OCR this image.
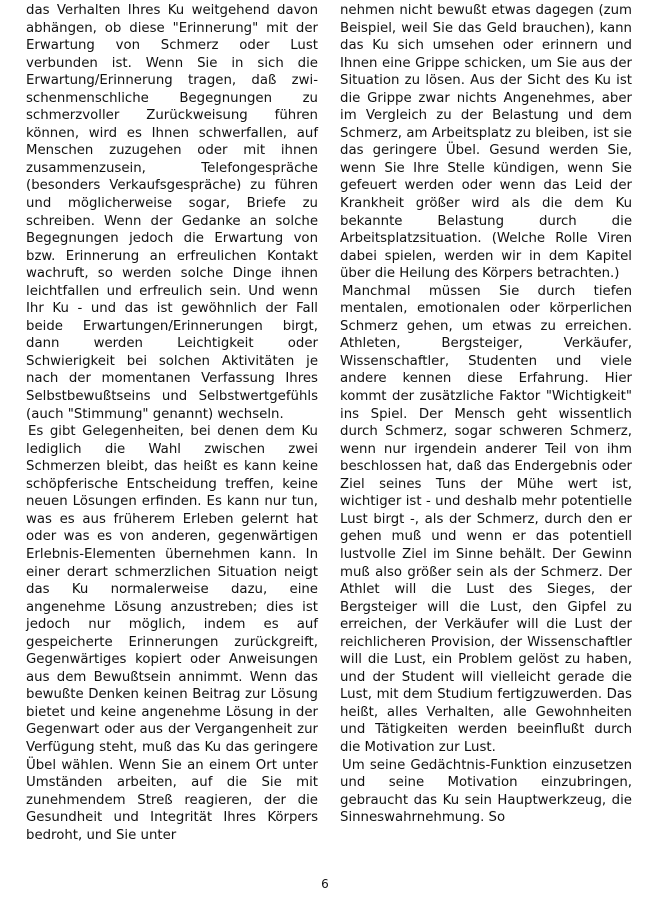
das Verhalten Ihres Ku weitgehend davon abhängen, ob diese "Erinnerung" mit der Erwartung von Schmerz oder Lust verbunden ist. Wenn Sie in sich die Erwartung/Erinnerung tragen, daß zwischenmenschliche Begegnungen zu schmerzvoller Zurückweisung führen können, wird es Ihnen schwerfallen, auf Menschen zuzugehen oder mit ihnen zusammenzusein, Telefongespräche (besonders Verkaufsgespräche) zu führen und möglicherweise sogar, Briefe zu schreiben. Wenn der Gedanke an solche Begegnungen jedoch die Erwartung von bzw. Erinnerung an erfreulichen Kontakt wachruft, so werden solche Dinge ihnen leichtfallen und erfreulich sein. Und wenn Ihr Ku - und das ist gewöhnlich der Fall beide Erwartungen/Erinnerungen birgt, dann werden Leichtigkeit oder Schwierigkeit bei solchen Aktivitäten je nach der momentanen Verfassung Ihres Selbstbewußtseins und Selbstwertgefühls (auch "Stimmung" genannt) wechseln.

Es gibt Gelegenheiten, bei denen dem Ku lediglich die Wahl zwischen zwei Schmerzen bleibt, das heißt es kann keine schöpferische Entscheidung treffen, keine neuen Lösungen erfinden. Es kann nur tun, was es aus früherem Erleben gelernt hat oder was es von anderen, gegenwärtigen Erlebnis-Elementen übernehmen kann. In einer derart schmerzlichen Situation neigt das Ku normalerweise dazu, eine angenehme Lösung anzustreben; dies ist jedoch nur möglich, indem es auf gespeicherte Erinnerungen zurückgreift, Gegenwärtiges kopiert oder Anweisungen aus dem Bewußtsein annimmt. Wenn das bewußte Denken keinen Beitrag zur Lösung bietet und keine angenehme Lösung in der Gegenwart oder aus der Vergangenheit zur Verfügung steht, muß das Ku das geringere Übel wählen. Wenn Sie an einem Ort unter Umständen arbeiten, auf die Sie mit zunehmendem Streß reagieren, der die Gesundheit und Integrität Ihres Körpers bedroht, und Sie unter

nehmen nicht bewußt etwas dagegen (zum Beispiel, weil Sie das Geld brauchen), kann das Ku sich umsehen oder erinnern und Ihnen eine Grippe schicken, um Sie aus der Situation zu lösen. Aus der Sicht des Ku ist die Grippe zwar nichts Angenehmes, aber im Vergleich zu der Belastung und dem Schmerz, am Arbeitsplatz zu bleiben, ist sie das geringere Übel. Gesund werden Sie, wenn Sie Ihre Stelle kündigen, wenn Sie gefeuert werden oder wenn das Leid der Krankheit größer wird als die dem Ku bekannte Belastung durch die Arbeitsplatzsituation. (Welche Rolle Viren dabei spielen, werden wir in dem Kapitel über die Heilung des Körpers betrachten.)

Manchmal müssen Sie durch tiefen mentalen, emotionalen oder körperlichen Schmerz gehen, um etwas zu erreichen. Athleten, Bergsteiger, Verkäufer, Wissenschaftler, Studenten und viele andere kennen diese Erfahrung. Hier kommt der zusätzliche Faktor "Wichtigkeit" ins Spiel. Der Mensch geht wissentlich durch Schmerz, sogar schweren Schmerz, wenn nur irgendein anderer Teil von ihm beschlossen hat, daß das Endergebnis oder Ziel seines Tuns der Mühe wert ist, wichtiger ist - und deshalb mehr potentielle Lust birgt -, als der Schmerz, durch den er gehen muß und wenn er das potentiell lustvolle Ziel im Sinne behält. Der Gewinn muß also größer sein als der Schmerz. Der Athlet will die Lust des Sieges, der Bergsteiger will die Lust, den Gipfel zu erreichen, der Verkäufer will die Lust der reichlicheren Provision, der Wissenschaftler will die Lust, ein Problem gelöst zu haben, und der Student will vielleicht gerade die Lust, mit dem Studium fertigzuwerden. Das heißt, alles Verhalten, alle Gewohnheiten und Tätigkeiten werden beeinflußt durch die Motivation zur Lust.

Um seine Gedächtnis-Funktion einzusetzen und seine Motivation einzubringen, gebraucht das Ku sein Hauptwerkzeug, die Sinneswahrnehmung. So

6
